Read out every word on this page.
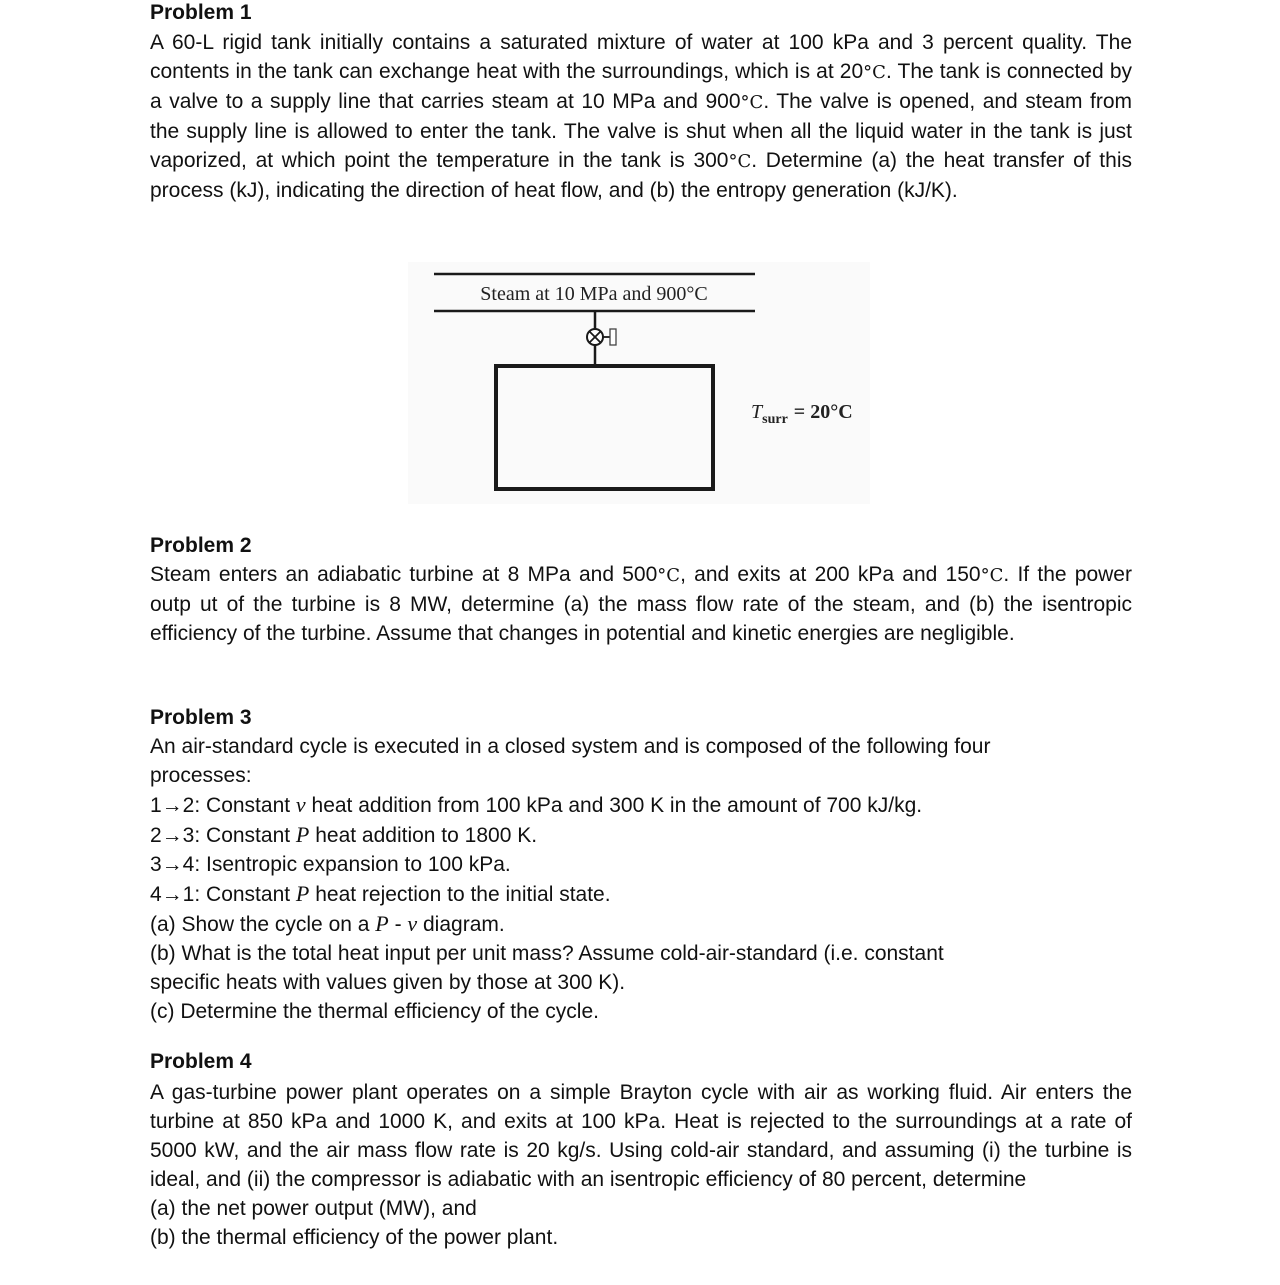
Problem 1

A 60-L rigid tank initially contains a saturated mixture of water at 100 kPa and 3 percent quality. The contents in the tank can exchange heat with the surroundings, which is at 20°C. The tank is connected by a valve to a supply line that carries steam at 10 MPa and 900°C. The valve is opened, and steam from the supply line is allowed to enter the tank. The valve is shut when all the liquid water in the tank is just vaporized, at which point the temperature in the tank is 300°C. Determine (a) the heat transfer of this process (kJ), indicating the direction of heat flow, and (b) the entropy generation (kJ/K).

Steam at 10 MPa and 900°C
$T_{surr} = 20^\circ C$
Problem 2

Steam enters an adiabatic turbine at 8 MPa and 500°C, and exits at 200 kPa and 150°C. If the power outp ut of the turbine is 8 MW, determine (a) the mass flow rate of the steam, and (b) the isentropic efficiency of the turbine. Assume that changes in potential and kinetic energies are negligible.

Problem 3

An air-standard cycle is executed in a closed system and is composed of the following four processes:

1→2: Constant v heat addition from 100 kPa and 300 K in the amount of 700 kJ/kg.

2→3: Constant P heat addition to 1800 K.

3→4: Isentropic expansion to 100 kPa.

4→1: Constant P heat rejection to the initial state.

(a) Show the cycle on a P - v diagram.

(b) What is the total heat input per unit mass? Assume cold-air-standard (i.e. constant

specific heats with values given by those at 300 K).

(c) Determine the thermal efficiency of the cycle.

Problem 4

A gas-turbine power plant operates on a simple Brayton cycle with air as working fluid. Air enters the turbine at 850 kPa and 1000 K, and exits at 100 kPa. Heat is rejected to the surroundings at a rate of 5000 kW, and the air mass flow rate is 20 kg/s. Using cold-air standard, and assuming (i) the turbine is ideal, and (ii) the compressor is adiabatic with an isentropic efficiency of 80 percent, determine

(a) the net power output (MW), and

(b) the thermal efficiency of the power plant.
